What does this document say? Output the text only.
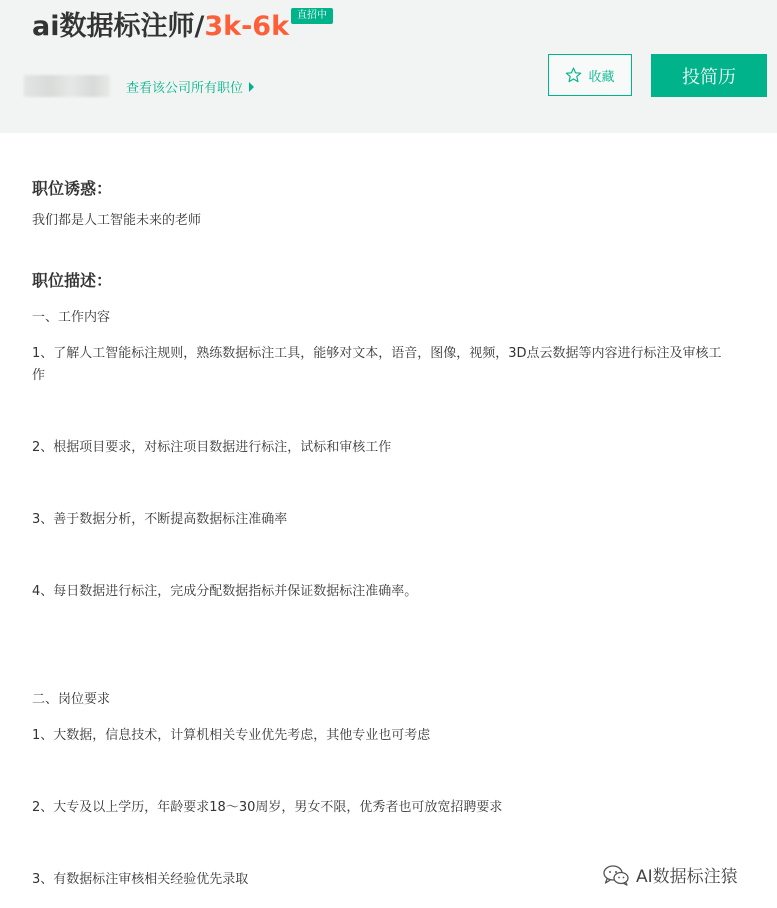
ai数据标注师/3k-6k 直招中
查看该公司所有职位
收藏	投简历
职位诱惑：
我们都是人工智能未来的老师
职位描述：
一、工作内容
1、了解人工智能标注规则，熟练数据标注工具，能够对文本，语音，图像，视频，3D点云数据等内容进行标注及审核工作
2、根据项目要求，对标注项目数据进行标注，试标和审核工作
3、善于数据分析，不断提高数据标注准确率
4、每日数据进行标注，完成分配数据指标并保证数据标注准确率。
二、岗位要求
1、大数据，信息技术，计算机相关专业优先考虑，其他专业也可考虑
2、大专及以上学历，年龄要求18～30周岁，男女不限，优秀者也可放宽招聘要求
3、有数据标注审核相关经验优先录取	AI数据标注猿
